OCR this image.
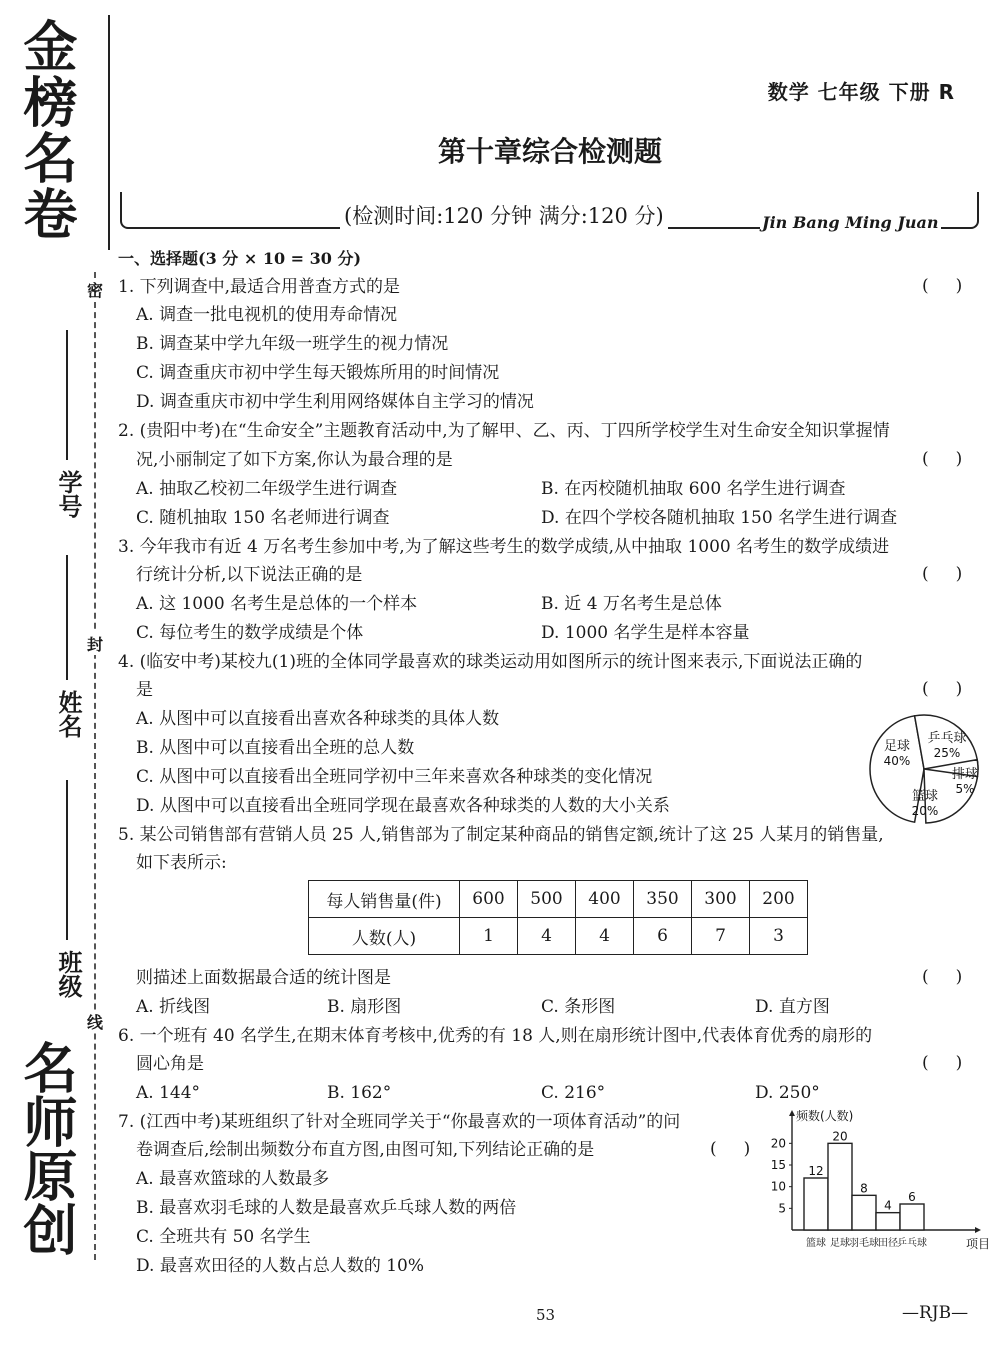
金榜名卷
名师原创
密
封
线
学号
姓名
班级
数学 七年级 下册 R
第十章综合检测题
(检测时间:120 分钟 满分:120 分)	Jin Bang Ming Juan
一、选择题(3 分 × 10 = 30 分)
1. 下列调查中,最适合用普查方式的是	(     )
A. 调查一批电视机的使用寿命情况
B. 调查某中学九年级一班学生的视力情况
C. 调查重庆市初中学生每天锻炼所用的时间情况
D. 调查重庆市初中学生利用网络媒体自主学习的情况
2. (贵阳中考)在“生命安全”主题教育活动中,为了解甲、乙、丙、丁四所学校学生对生命安全知识掌握情
况,小丽制定了如下方案,你认为最合理的是	(     )
A. 抽取乙校初二年级学生进行调查	B. 在丙校随机抽取 600 名学生进行调查
C. 随机抽取 150 名老师进行调查	D. 在四个学校各随机抽取 150 名学生进行调查
3. 今年我市有近 4 万名考生参加中考,为了解这些考生的数学成绩,从中抽取 1000 名考生的数学成绩进
行统计分析,以下说法正确的是	(     )
A. 这 1000 名考生是总体的一个样本	B. 近 4 万名考生是总体
C. 每位考生的数学成绩是个体	D. 1000 名学生是样本容量
4. (临安中考)某校九(1)班的全体同学最喜欢的球类运动用如图所示的统计图来表示,下面说法正确的
是	(     )
A. 从图中可以直接看出喜欢各种球类的具体人数
B. 从图中可以直接看出全班的总人数
C. 从图中可以直接看出全班同学初中三年来喜欢各种球类的变化情况
D. 从图中可以直接看出全班同学现在最喜欢各种球类的人数的大小关系
足球
40%
乒乓球
25%
排球
5%
篮球
20%
5. 某公司销售部有营销人员 25 人,销售部为了制定某种商品的销售定额,统计了这 25 人某月的销售量,
如下表所示:
每人销售量(件)	600	500	400	350	300	200
人数(人)	1	4	4	6	7	3
则描述上面数据最合适的统计图是	(     )
A. 折线图	B. 扇形图	C. 条形图	D. 直方图
6. 一个班有 40 名学生,在期末体育考核中,优秀的有 18 人,则在扇形统计图中,代表体育优秀的扇形的
圆心角是	(     )
A. 144°	B. 162°	C. 216°	D. 250°
7. (江西中考)某班组织了针对全班同学关于“你最喜欢的一项体育活动”的问
卷调查后,绘制出频数分布直方图,由图可知,下列结论正确的是	(     )
A. 最喜欢篮球的人数最多
B. 最喜欢羽毛球的人数是最喜欢乒乓球人数的两倍
C. 全班共有 50 名学生
D. 最喜欢田径的人数占总人数的 10%
频数(人数)
项目
5
10
15
20
12
篮球
20
足球
8
羽毛球
4
田径
6
乒乓球
53	—RJB—
